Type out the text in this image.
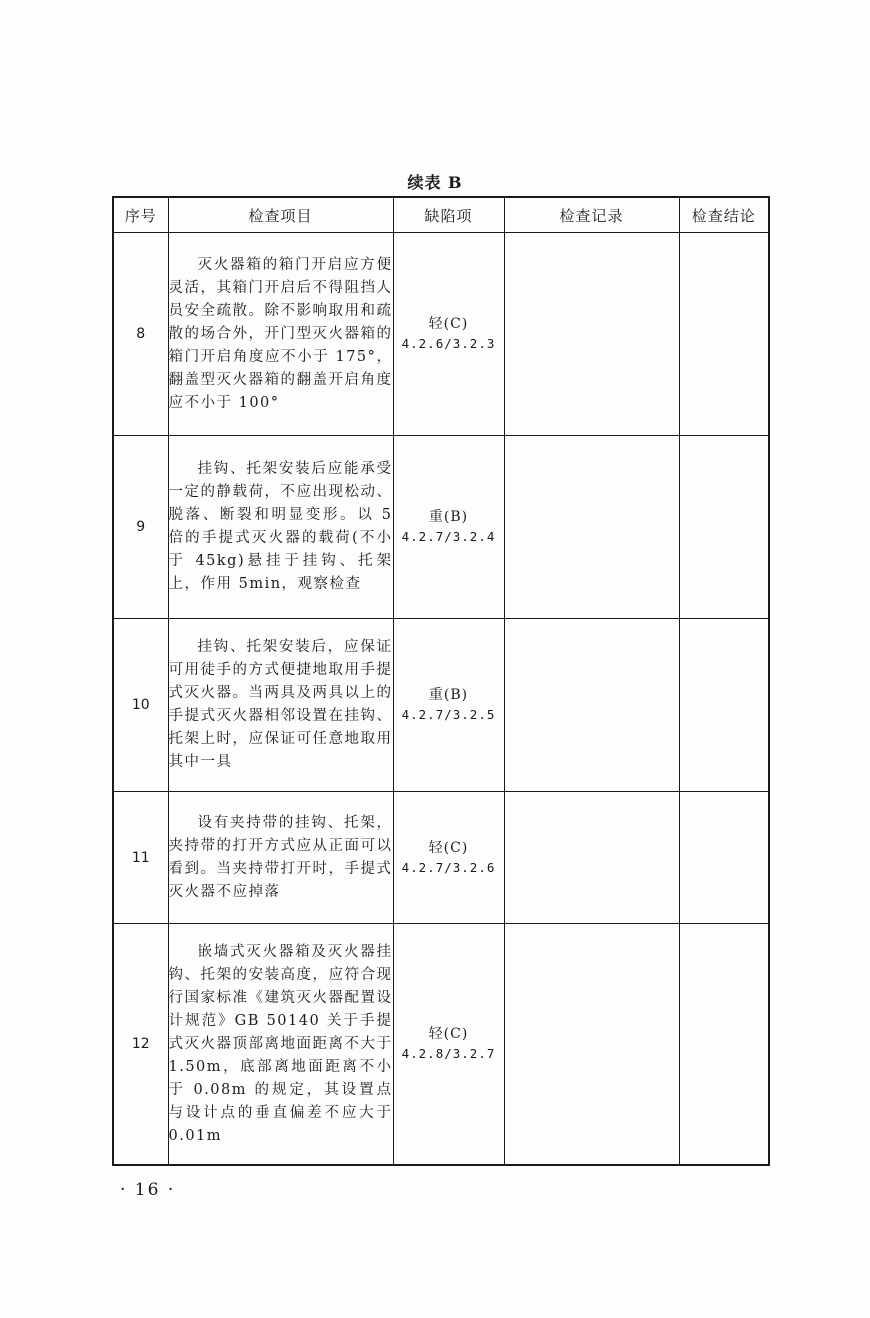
续表 B
序号	检查项目	缺陷项	检查记录	检查结论
8	灭火器箱的箱门开启应方便灵活，其箱门开启后不得阻挡人员安全疏散。除不影响取用和疏散的场合外，开门型灭火器箱的箱门开启角度应不小于 175°，翻盖型灭火器箱的翻盖开启角度应不小于 100°	轻(C)
4.2.6/3.2.3		

9	挂钩、托架安装后应能承受一定的静载荷，不应出现松动、脱落、断裂和明显变形。以 5 倍的手提式灭火器的载荷(不小于 45kg)悬挂于挂钩、托架上，作用 5min，观察检查	重(B)
4.2.7/3.2.4		

10	挂钩、托架安装后，应保证可用徒手的方式便捷地取用手提式灭火器。当两具及两具以上的手提式灭火器相邻设置在挂钩、托架上时，应保证可任意地取用其中一具	重(B)
4.2.7/3.2.5		

11	设有夹持带的挂钩、托架，夹持带的打开方式应从正面可以看到。当夹持带打开时，手提式灭火器不应掉落	轻(C)
4.2.7/3.2.6		

12	嵌墙式灭火器箱及灭火器挂钩、托架的安装高度，应符合现行国家标准《建筑灭火器配置设计规范》GB 50140 关于手提式灭火器顶部离地面距离不大于 1.50m，底部离地面距离不小于 0.08m 的规定，其设置点与设计点的垂直偏差不应大于 0.01m	轻(C)
4.2.8/3.2.7		

· 16 ·
